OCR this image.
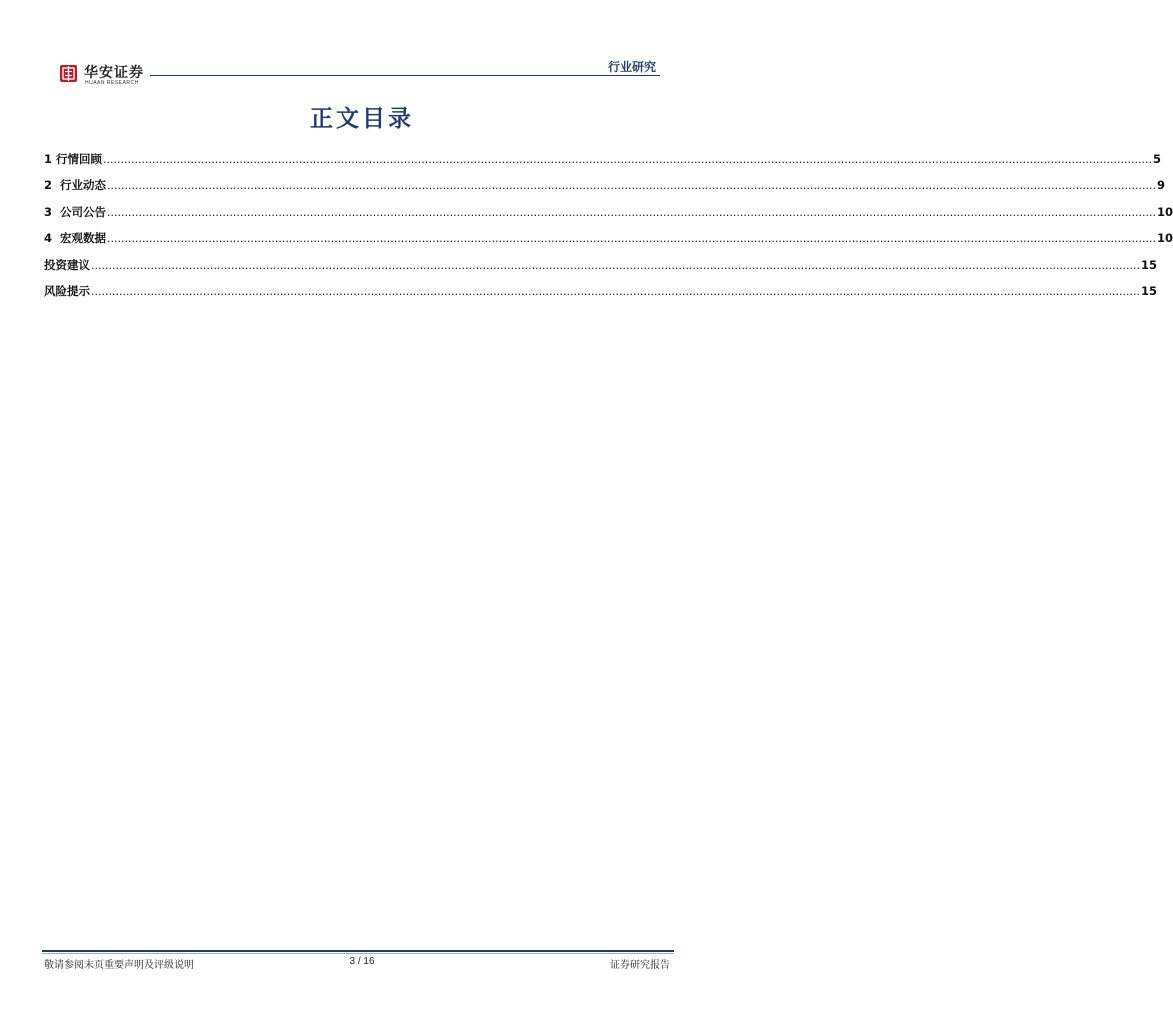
华安证券
HUAAN RESEARCH
行业研究
正文目录
1 行情回顾 ............................................................................................................................................................................................................................................................................................................ 5
2  行业动态 ............................................................................................................................................................................................................................................................................................................ 9
3  公司公告 ............................................................................................................................................................................................................................................................................................................ 10
4  宏观数据 ............................................................................................................................................................................................................................................................................................................ 10
投资建议 ............................................................................................................................................................................................................................................................................................................ 15
风险提示 ............................................................................................................................................................................................................................................................................................................ 15
敬请参阅末页重要声明及评级说明	3 / 16	证券研究报告
